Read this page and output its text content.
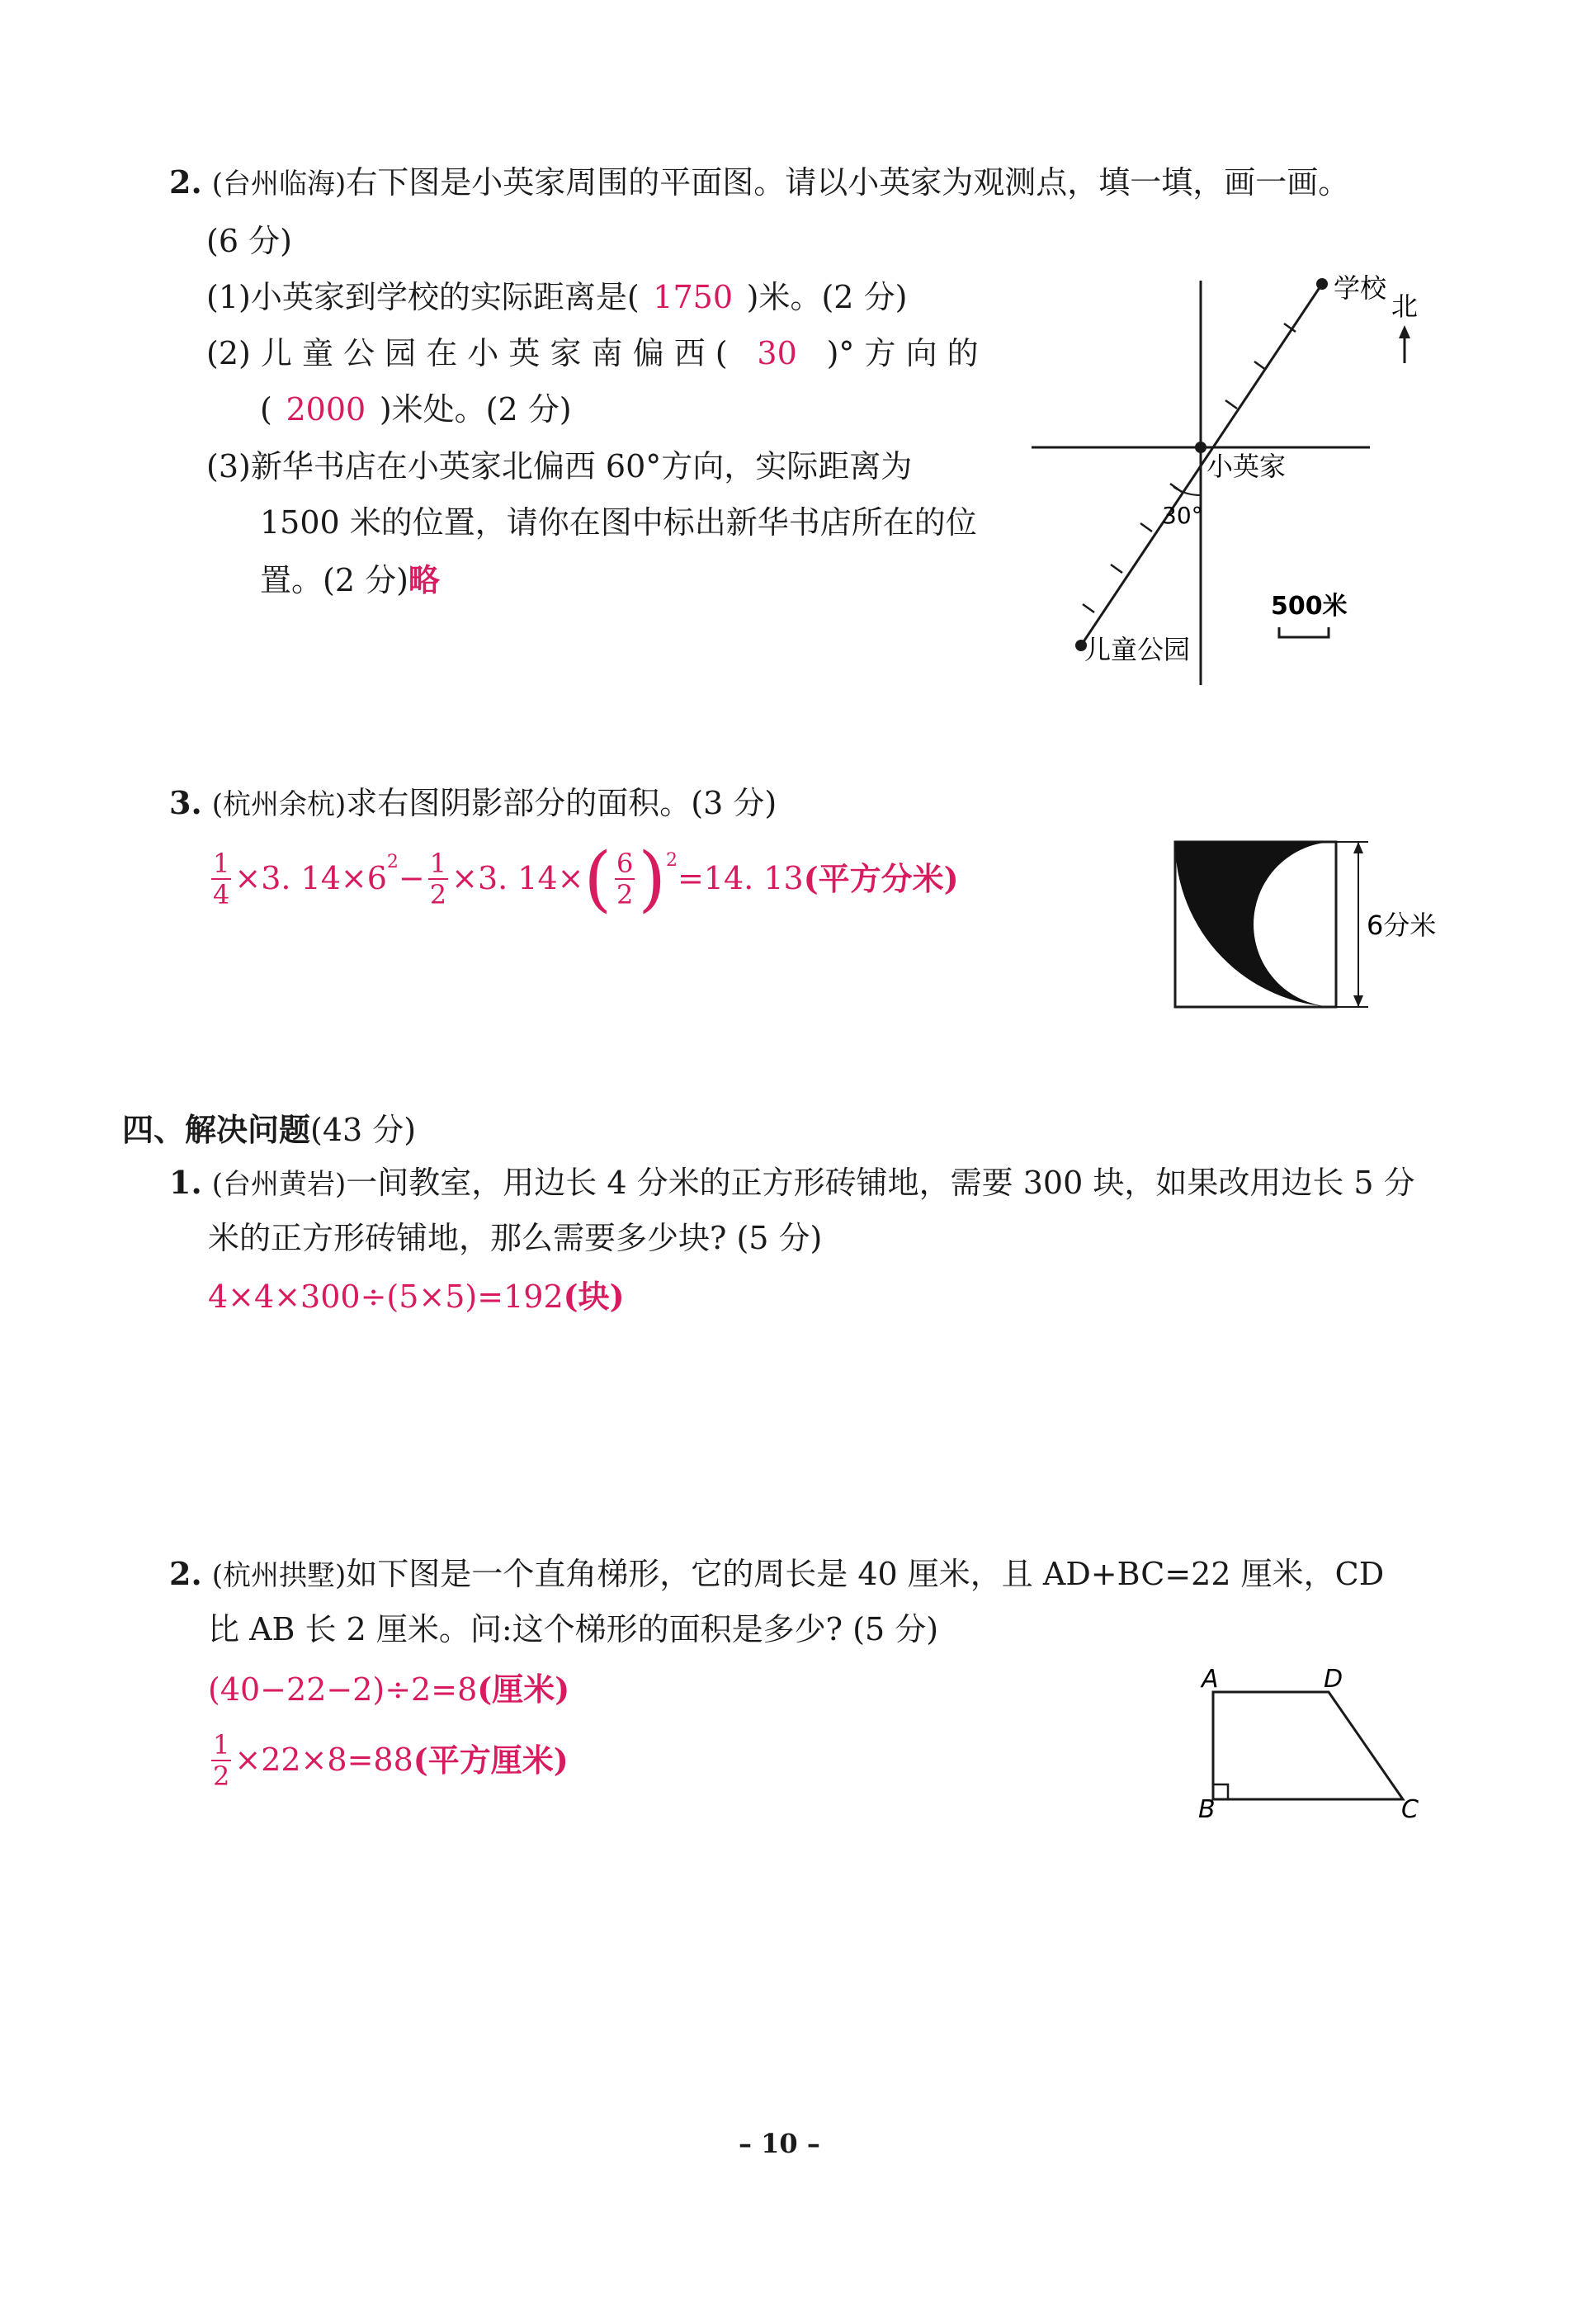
2. (台州临海)右下图是小英家周围的平面图。请以小英家为观测点，填一填，画一画。
(6 分)
(1)小英家到学校的实际距离是( 1750 )米。(2 分)
(2) 儿 童 公 园 在 小 英 家 南 偏 西 ( 30 )° 方 向 的
( 2000 )米处。(2 分)
(3)新华书店在小英家北偏西 60°方向，实际距离为
1500 米的位置，请你在图中标出新华书店所在的位
置。(2 分)略
学校
北
小英家
30°
500米
儿童公园
3. (杭州余杭)求右图阴影部分的面积。(3 分)
$\frac{1}{4} \times 3$. $14\times 6^2 - \frac{1}{2} \times 3$. 14× ( $\frac{6}{2} )^2 =14$. 13 (平方分米)
6分米
四、解决问题(43 分)
1. (台州黄岩)一间教室，用边长 4 分米的正方形砖铺地，需要 300 块，如果改用边长 5 分
米的正方形砖铺地，那么需要多少块? (5 分)
4×4×300÷(5×5)=192(块)
2. (杭州拱墅)如下图是一个直角梯形，它的周长是 40 厘米，且 AD+BC=22 厘米，CD
比 AB 长 2 厘米。问:这个梯形的面积是多少? (5 分)
(40−22−2)÷2=8(厘米)
$\frac{1}{2} \times 22\times 8=88$ (平方厘米)
A	D
B	C
– 10 –
